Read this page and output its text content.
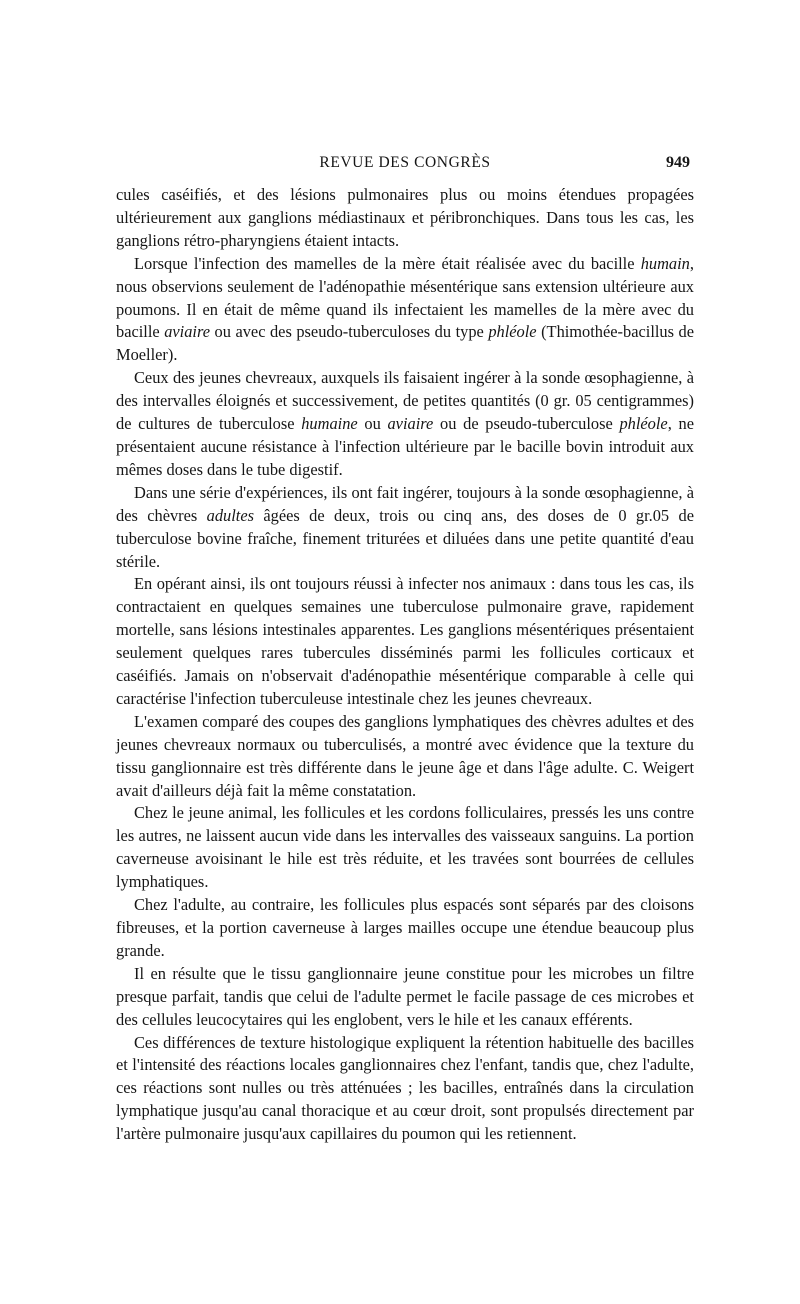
REVUE DES CONGRÈS	949

cules caséifiés, et des lésions pulmonaires plus ou moins étendues propagées ultérieurement aux ganglions médiastinaux et péribronchiques. Dans tous les cas, les ganglions rétro-pharyngiens étaient intacts.

Lorsque l'infection des mamelles de la mère était réalisée avec du bacille humain, nous observions seulement de l'adénopathie mésentérique sans extension ultérieure aux poumons. Il en était de même quand ils infectaient les mamelles de la mère avec du bacille aviaire ou avec des pseudo-tuberculoses du type phléole (Thimothée-bacillus de Moeller).

Ceux des jeunes chevreaux, auxquels ils faisaient ingérer à la sonde œsophagienne, à des intervalles éloignés et successivement, de petites quantités (0 gr. 05 centigrammes) de cultures de tuberculose humaine ou aviaire ou de pseudo-tuberculose phléole, ne présentaient aucune résistance à l'infection ultérieure par le bacille bovin introduit aux mêmes doses dans le tube digestif.

Dans une série d'expériences, ils ont fait ingérer, toujours à la sonde œsophagienne, à des chèvres adultes âgées de deux, trois ou cinq ans, des doses de 0 gr.05 de tuberculose bovine fraîche, finement triturées et diluées dans une petite quantité d'eau stérile.

En opérant ainsi, ils ont toujours réussi à infecter nos animaux : dans tous les cas, ils contractaient en quelques semaines une tuberculose pulmonaire grave, rapidement mortelle, sans lésions intestinales apparentes. Les ganglions mésentériques présentaient seulement quelques rares tubercules disséminés parmi les follicules corticaux et caséifiés. Jamais on n'observait d'adénopathie mésentérique comparable à celle qui caractérise l'infection tuberculeuse intestinale chez les jeunes chevreaux.

L'examen comparé des coupes des ganglions lymphatiques des chèvres adultes et des jeunes chevreaux normaux ou tuberculisés, a montré avec évidence que la texture du tissu ganglionnaire est très différente dans le jeune âge et dans l'âge adulte. C. Weigert avait d'ailleurs déjà fait la même constatation.

Chez le jeune animal, les follicules et les cordons folliculaires, pressés les uns contre les autres, ne laissent aucun vide dans les intervalles des vaisseaux sanguins. La portion caverneuse avoisinant le hile est très réduite, et les travées sont bourrées de cellules lymphatiques.

Chez l'adulte, au contraire, les follicules plus espacés sont séparés par des cloisons fibreuses, et la portion caverneuse à larges mailles occupe une étendue beaucoup plus grande.

Il en résulte que le tissu ganglionnaire jeune constitue pour les microbes un filtre presque parfait, tandis que celui de l'adulte permet le facile passage de ces microbes et des cellules leucocytaires qui les englobent, vers le hile et les canaux efférents.

Ces différences de texture histologique expliquent la rétention habituelle des bacilles et l'intensité des réactions locales ganglionnaires chez l'enfant, tandis que, chez l'adulte, ces réactions sont nulles ou très atténuées ; les bacilles, entraînés dans la circulation lymphatique jusqu'au canal thoracique et au cœur droit, sont propulsés directement par l'artère pulmonaire jusqu'aux capillaires du poumon qui les retiennent.
